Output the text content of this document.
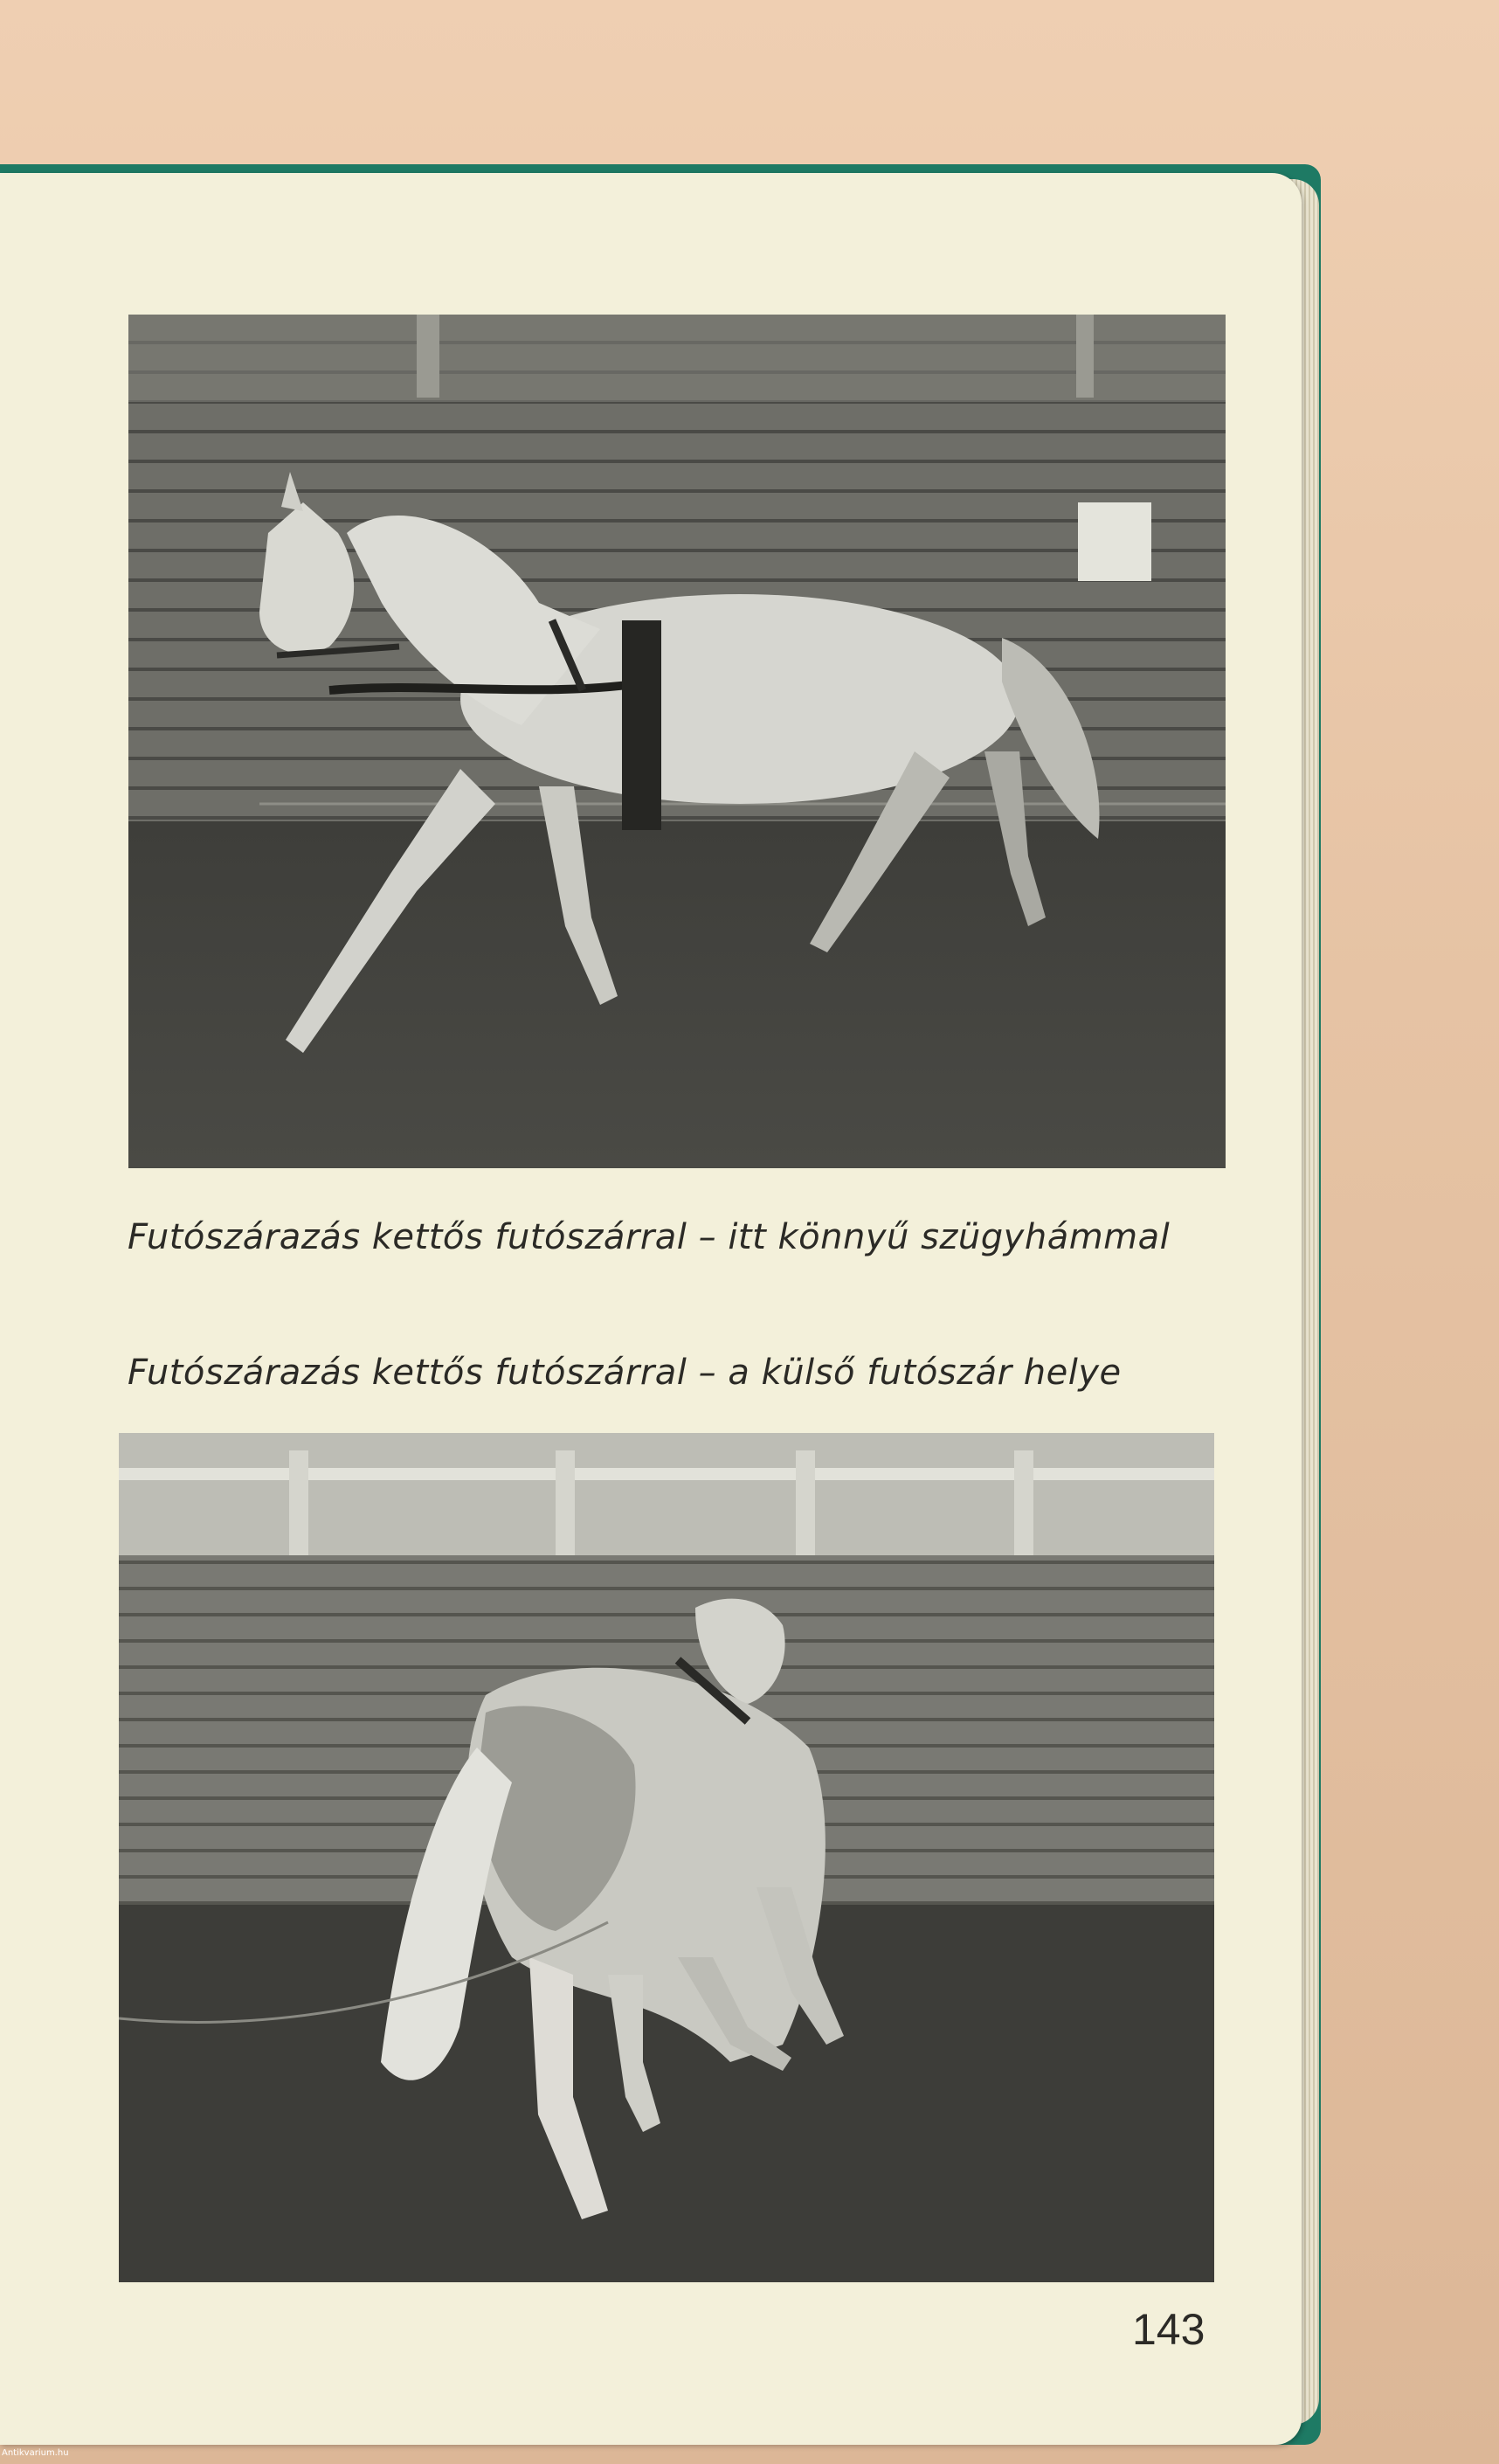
Futószárazás kettős futószárral – itt könnyű szügyhámmal

Futószárazás kettős futószárral – a külső futószár helye

143
Antikvarium.hu
